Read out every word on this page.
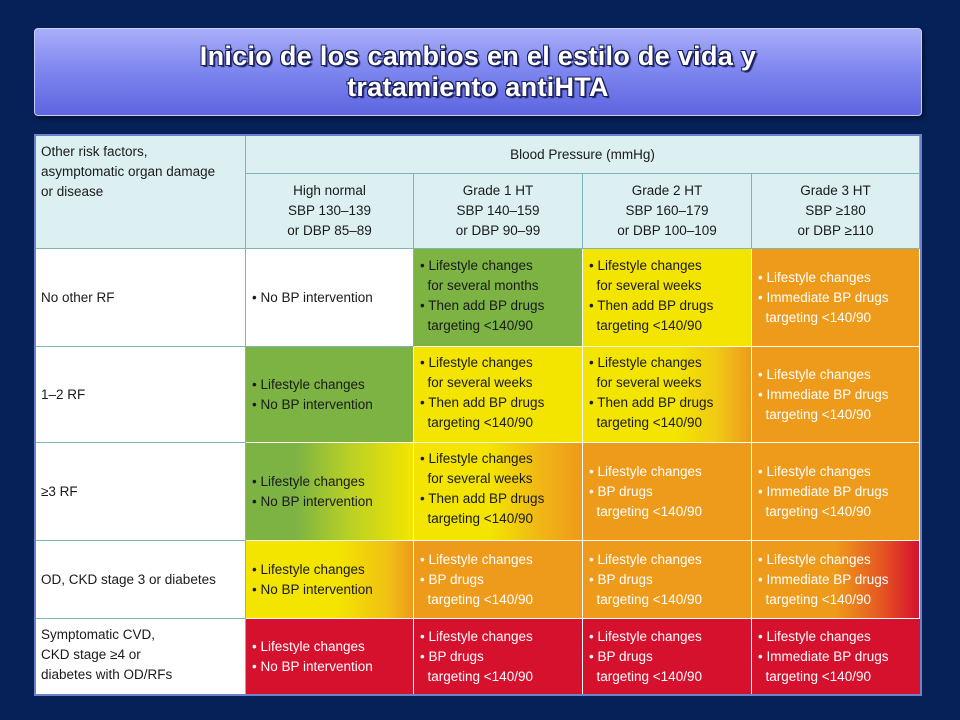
Inicio de los cambios en el estilo de vida y
tratamiento antiHTA
Other risk factors,
asymptomatic organ damage
or disease
Blood Pressure (mmHg)
High normal
SBP 130–139
or DBP 85–89
Grade 1 HT
SBP 140–159
or DBP 90–99
Grade 2 HT
SBP 160–179
or DBP 100–109
Grade 3 HT
SBP ≥180
or DBP ≥110
No other RF	• No BP intervention
• Lifestyle changes
for several months
• Then add BP drugs
targeting <140/90
• Lifestyle changes
for several weeks
• Then add BP drugs
targeting <140/90
• Lifestyle changes
• Immediate BP drugs
targeting <140/90
1–2 RF
• Lifestyle changes
• No BP intervention
• Lifestyle changes
for several weeks
• Then add BP drugs
targeting <140/90
• Lifestyle changes
for several weeks
• Then add BP drugs
targeting <140/90
• Lifestyle changes
• Immediate BP drugs
targeting <140/90
≥3 RF
• Lifestyle changes
• No BP intervention
• Lifestyle changes
for several weeks
• Then add BP drugs
targeting <140/90
• Lifestyle changes
• BP drugs
targeting <140/90
• Lifestyle changes
• Immediate BP drugs
targeting <140/90
OD, CKD stage 3 or diabetes
• Lifestyle changes
• No BP intervention
• Lifestyle changes
• BP drugs
targeting <140/90
• Lifestyle changes
• BP drugs
targeting <140/90
• Lifestyle changes
• Immediate BP drugs
targeting <140/90
Symptomatic CVD,
CKD stage ≥4 or
diabetes with OD/RFs
• Lifestyle changes
• No BP intervention
• Lifestyle changes
• BP drugs
targeting <140/90
• Lifestyle changes
• BP drugs
targeting <140/90
• Lifestyle changes
• Immediate BP drugs
targeting <140/90
